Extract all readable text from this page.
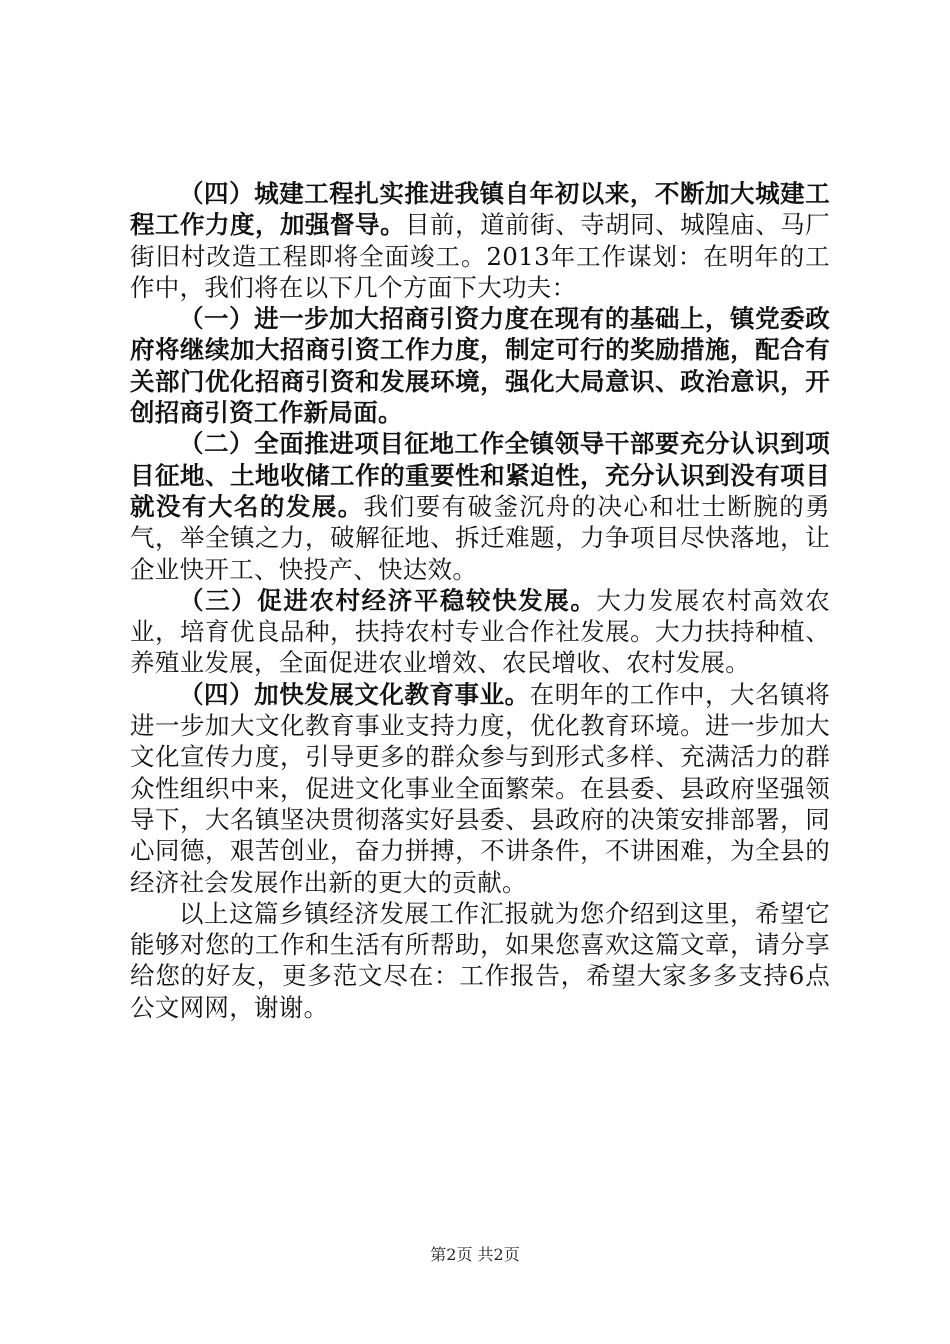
（四）城建工程扎实推进我镇自年初以来，不断加大城建工程工作力度，加强督导。目前，道前街、寺胡同、城隍庙、马厂街旧村改造工程即将全面竣工。2013年工作谋划：在明年的工作中，我们将在以下几个方面下大功夫：

（一）进一步加大招商引资力度在现有的基础上，镇党委政府将继续加大招商引资工作力度，制定可行的奖励措施，配合有关部门优化招商引资和发展环境，强化大局意识、政治意识，开创招商引资工作新局面。

（二）全面推进项目征地工作全镇领导干部要充分认识到项目征地、土地收储工作的重要性和紧迫性，充分认识到没有项目就没有大名的发展。我们要有破釜沉舟的决心和壮士断腕的勇气，举全镇之力，破解征地、拆迁难题，力争项目尽快落地，让企业快开工、快投产、快达效。

（三）促进农村经济平稳较快发展。大力发展农村高效农业，培育优良品种，扶持农村专业合作社发展。大力扶持种植、养殖业发展，全面促进农业增效、农民增收、农村发展。

（四）加快发展文化教育事业。在明年的工作中，大名镇将进一步加大文化教育事业支持力度，优化教育环境。进一步加大文化宣传力度，引导更多的群众参与到形式多样、充满活力的群众性组织中来，促进文化事业全面繁荣。在县委、县政府坚强领导下，大名镇坚决贯彻落实好县委、县政府的决策安排部署，同心同德，艰苦创业，奋力拼搏，不讲条件，不讲困难，为全县的经济社会发展作出新的更大的贡献。

以上这篇乡镇经济发展工作汇报就为您介绍到这里，希望它能够对您的工作和生活有所帮助，如果您喜欢这篇文章，请分享给您的好友，更多范文尽在：工作报告，希望大家多多支持6点公文网网，谢谢。

第2页 共2页
